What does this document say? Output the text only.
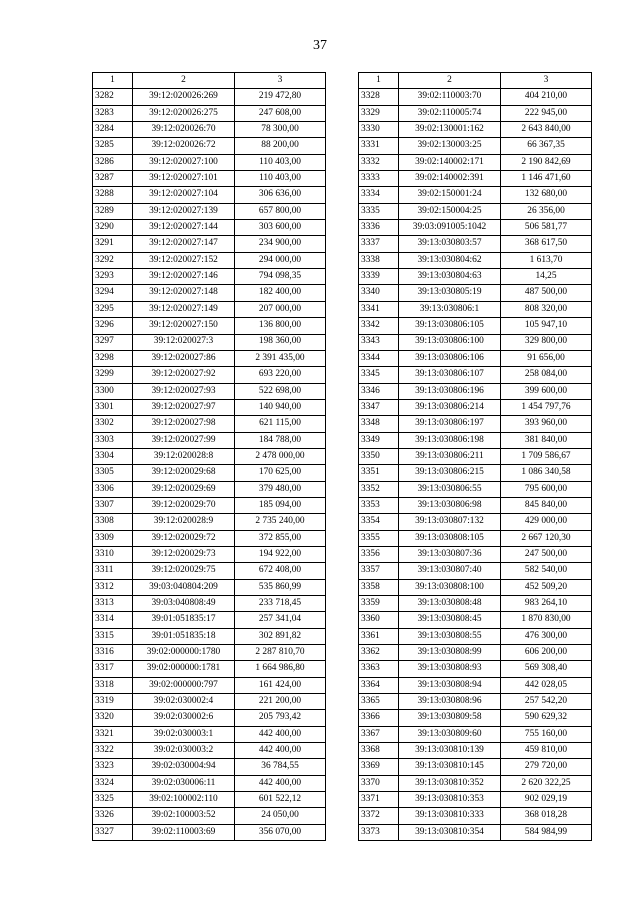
37
1	2	3
3282	39:12:020026:269	219 472,80
3283	39:12:020026:275	247 608,00
3284	39:12:020026:70	78 300,00
3285	39:12:020026:72	88 200,00
3286	39:12:020027:100	110 403,00
3287	39:12:020027:101	110 403,00
3288	39:12:020027:104	306 636,00
3289	39:12:020027:139	657 800,00
3290	39:12:020027:144	303 600,00
3291	39:12:020027:147	234 900,00
3292	39:12:020027:152	294 000,00
3293	39:12:020027:146	794 098,35
3294	39:12:020027:148	182 400,00
3295	39:12:020027:149	207 000,00
3296	39:12:020027:150	136 800,00
3297	39:12:020027:3	198 360,00
3298	39:12:020027:86	2 391 435,00
3299	39:12:020027:92	693 220,00
3300	39:12:020027:93	522 698,00
3301	39:12:020027:97	140 940,00
3302	39:12:020027:98	621 115,00
3303	39:12:020027:99	184 788,00
3304	39:12:020028:8	2 478 000,00
3305	39:12:020029:68	170 625,00
3306	39:12:020029:69	379 480,00
3307	39:12:020029:70	185 094,00
3308	39:12:020028:9	2 735 240,00
3309	39:12:020029:72	372 855,00
3310	39:12:020029:73	194 922,00
3311	39:12:020029:75	672 408,00
3312	39:03:040804:209	535 860,99
3313	39:03:040808:49	233 718,45
3314	39:01:051835:17	257 341,04
3315	39:01:051835:18	302 891,82
3316	39:02:000000:1780	2 287 810,70
3317	39:02:000000:1781	1 664 986,80
3318	39:02:000000:797	161 424,00
3319	39:02:030002:4	221 200,00
3320	39:02:030002:6	205 793,42
3321	39:02:030003:1	442 400,00
3322	39:02:030003:2	442 400,00
3323	39:02:030004:94	36 784,55
3324	39:02:030006:11	442 400,00
3325	39:02:100002:110	601 522,12
3326	39:02:100003:52	24 050,00
3327	39:02:110003:69	356 070,00
1	2	3
3328	39:02:110003:70	404 210,00
3329	39:02:110005:74	222 945,00
3330	39:02:130001:162	2 643 840,00
3331	39:02:130003:25	66 367,35
3332	39:02:140002:171	2 190 842,69
3333	39:02:140002:391	1 146 471,60
3334	39:02:150001:24	132 680,00
3335	39:02:150004:25	26 356,00
3336	39:03:091005:1042	506 581,77
3337	39:13:030803:57	368 617,50
3338	39:13:030804:62	1 613,70
3339	39:13:030804:63	14,25
3340	39:13:030805:19	487 500,00
3341	39:13:030806:1	808 320,00
3342	39:13:030806:105	105 947,10
3343	39:13:030806:100	329 800,00
3344	39:13:030806:106	91 656,00
3345	39:13:030806:107	258 084,00
3346	39:13:030806:196	399 600,00
3347	39:13:030806:214	1 454 797,76
3348	39:13:030806:197	393 960,00
3349	39:13:030806:198	381 840,00
3350	39:13:030806:211	1 709 586,67
3351	39:13:030806:215	1 086 340,58
3352	39:13:030806:55	795 600,00
3353	39:13:030806:98	845 840,00
3354	39:13:030807:132	429 000,00
3355	39:13:030808:105	2 667 120,30
3356	39:13:030807:36	247 500,00
3357	39:13:030807:40	582 540,00
3358	39:13:030808:100	452 509,20
3359	39:13:030808:48	983 264,10
3360	39:13:030808:45	1 870 830,00
3361	39:13:030808:55	476 300,00
3362	39:13:030808:99	606 200,00
3363	39:13:030808:93	569 308,40
3364	39:13:030808:94	442 028,05
3365	39:13:030808:96	257 542,20
3366	39:13:030809:58	590 629,32
3367	39:13:030809:60	755 160,00
3368	39:13:030810:139	459 810,00
3369	39:13:030810:145	279 720,00
3370	39:13:030810:352	2 620 322,25
3371	39:13:030810:353	902 029,19
3372	39:13:030810:333	368 018,28
3373	39:13:030810:354	584 984,99
